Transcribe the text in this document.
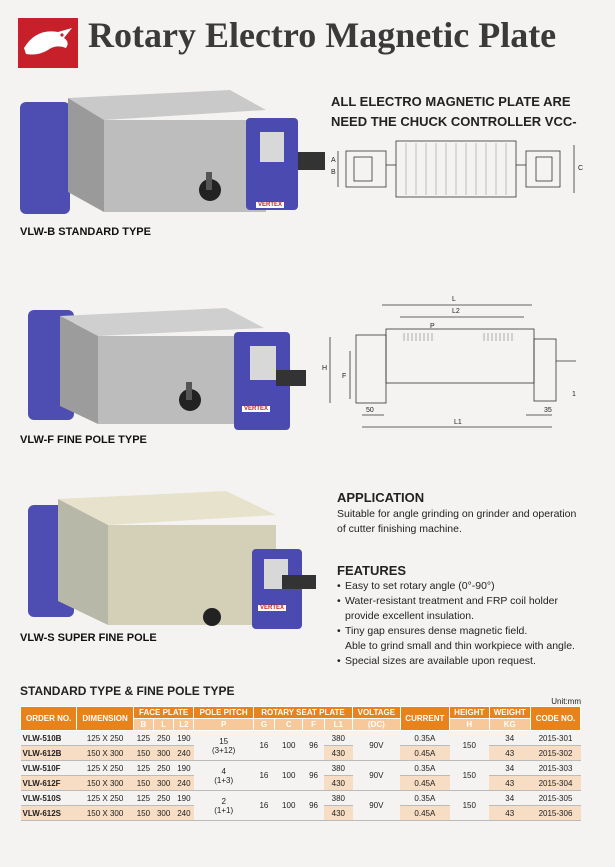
Rotary Electro Magnetic Plate
VERTEX
VLW-B STANDARD TYPE
VERTEX
VLW-F FINE POLE TYPE
VERTEX
VLW-S SUPER FINE POLE
ALL ELECTRO MAGNETIC PLATE ARE
NEED THE CHUCK CONTROLLER VCC-
A
B
C
L
L2
P
H
F
50	35
1
L1
APPLICATION
Suitable for angle grinding on grinder and operation
of cutter finishing machine.
FEATURES
• Easy to set rotary angle (0°-90°)
• Water-resistant treatment and FRP coil holder
provide excellent insulation.
• Tiny gap ensures dense magnetic field.
Able to grind small and thin workpiece with angle.
• Special sizes are available upon request.
STANDARD TYPE & FINE POLE TYPE
Unit:mm
ORDER NO.	DIMENSION	FACE PLATE			POLE PITCH	ROTARY SEAT PLATE				VOLTAGE	CURRENT	HEIGHT	WEIGHT	CODE NO.
		B	L	L2	P	G	C	F	L1	(DC)		H	KG	
VLW-510B	125 X 250	125	250	190	15
(3+12)	16	100	96	380	90V	0.35A	150	34	2015-301
VLW-612B	150 X 300	150	300	240					430		0.45A		43	2015-302
VLW-510F	125 X 250	125	250	190	4
(1+3)	16	100	96	380	90V	0.35A	150	34	2015-303
VLW-612F	150 X 300	150	300	240					430		0.45A		43	2015-304
VLW-510S	125 X 250	125	250	190	2
(1+1)	16	100	96	380	90V	0.35A	150	34	2015-305
VLW-612S	150 X 300	150	300	240					430		0.45A		43	2015-306
